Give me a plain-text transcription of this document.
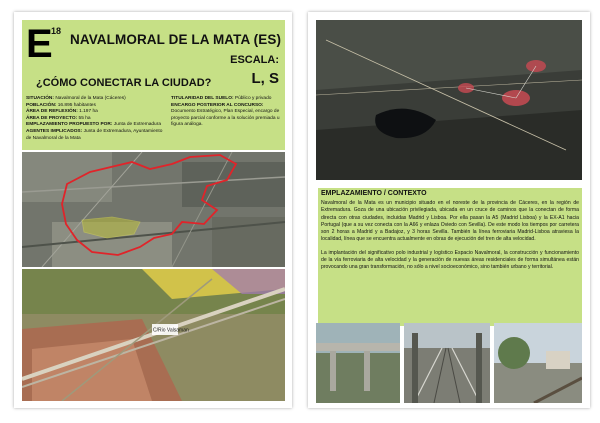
E
18
NAVALMORAL DE LA MATA (ES)
ESCALA:
L, S
¿CÓMO CONECTAR LA CIUDAD?
SITUACIÓN: Navalmoral de la Mata (Cáceres)
POBLACIÓN: 16.895 habitantes
ÁREA DE REFLEXIÓN: 1.197 ha
ÁREA DE PROYECTO: 55 ha
EMPLAZAMIENTO PROPUESTO POR: Junta de Extremadura
AGENTES IMPLICADOS: Junta de Extremadura, Ayuntamiento de Navalmoral de la Mata
TITULARIDAD DEL SUELO: Público y privado
ENCARGO POSTERIOR AL CONCURSO: Documento Estratégico, Plan Especial, encargo de proyecto parcial conforme a la solución premiada u figura análoga.
C/Rio Valsaman
EMPLAZAMIENTO / CONTEXTO

Navalmoral de la Mata es un municipio situado en el noreste de la provincia de Cáceres, en la región de Extremadura. Goza de una ubicación privilegiada, ubicada en un cruce de caminos que la conectan de forma directa con otras ciudades, incluidas Madrid y Lisboa. Por ella pasan la A5 (Madrid Lisboa) y la EX-A1 hacia Portugal (que a su vez conecta con la A66 y enlaza Oviedo con Sevilla). De este modo los tiempos por carretera son 2 horas a Madrid y a Badajoz, y 3 horas Sevilla. También la línea ferroviaria Madrid-Lisboa atraviesa la localidad, línea que se encuentra actualmente en obras de ejecución del tren de alta velocidad.

La implantación del significativo polo industrial y logístico Espacio Navalmoral, la construcción y funcionamiento de la vía ferroviaria de alta velocidad y la generación de nuevas áreas residenciales de forma simultánea están provocando una gran transformación, no sólo a nivel socioeconómico, sino también urbano y territorial.
